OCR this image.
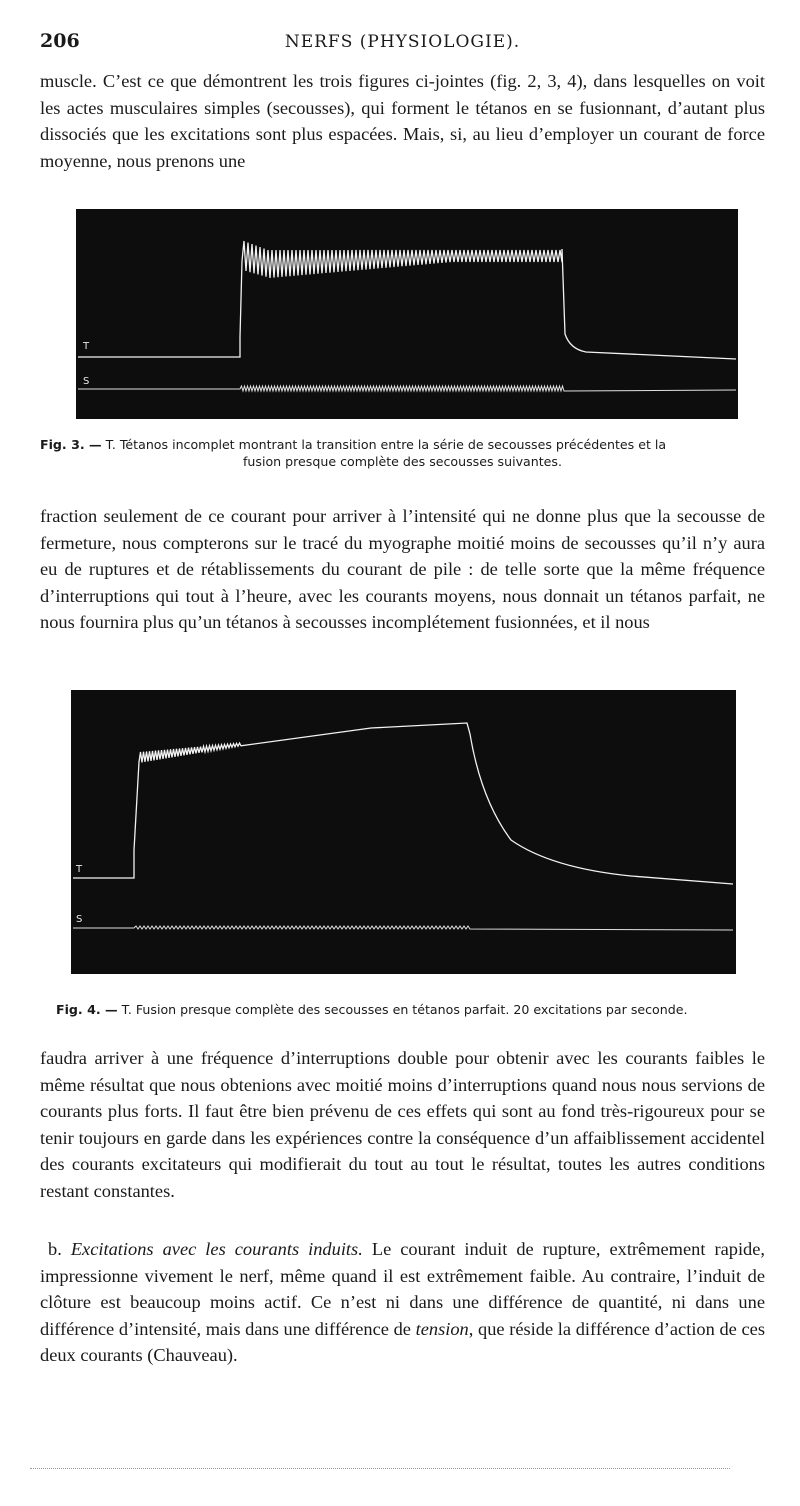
206	NERFS (PHYSIOLOGIE).

muscle. C’est ce que démontrent les trois figures ci-jointes (fig. 2, 3, 4), dans lesquelles on voit les actes musculaires simples (secousses), qui forment le tétanos en se fusionnant, d’autant plus dissociés que les excitations sont plus espacées. Mais, si, au lieu d’employer un courant de force moyenne, nous prenons une

T
S
Fig. 3. — T. Tétanos incomplet montrant la transition entre la série de secousses précédentes et la
fusion presque complète des secousses suivantes.

fraction seulement de ce courant pour arriver à l’intensité qui ne donne plus que la secousse de fermeture, nous compterons sur le tracé du myographe moitié moins de secousses qu’il n’y aura eu de ruptures et de rétablissements du courant de pile : de telle sorte que la même fréquence d’interruptions qui tout à l’heure, avec les courants moyens, nous donnait un tétanos parfait, ne nous fournira plus qu’un tétanos à secousses incomplétement fusionnées, et il nous

T
S
Fig. 4. — T. Fusion presque complète des secousses en tétanos parfait. 20 excitations par seconde.

faudra arriver à une fréquence d’interruptions double pour obtenir avec les courants faibles le même résultat que nous obtenions avec moitié moins d’interruptions quand nous nous servions de courants plus forts. Il faut être bien prévenu de ces effets qui sont au fond très-rigoureux pour se tenir toujours en garde dans les expériences contre la conséquence d’un affaiblissement accidentel des courants excitateurs qui modifierait du tout au tout le résultat, toutes les autres conditions restant constantes.

b. Excitations avec les courants induits. Le courant induit de rupture, extrêmement rapide, impressionne vivement le nerf, même quand il est extrêmement faible. Au contraire, l’induit de clôture est beaucoup moins actif. Ce n’est ni dans une différence de quantité, ni dans une différence d’intensité, mais dans une différence de tension, que réside la différence d’action de ces deux courants (Chauveau).
